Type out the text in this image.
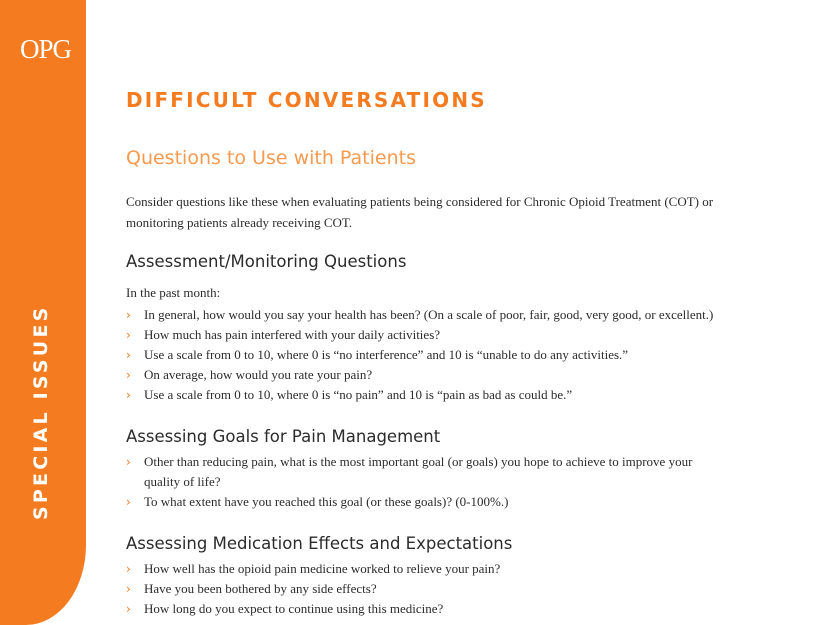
OPG
SPECIAL ISSUES
DIFFICULT CONVERSATIONS
Questions to Use with Patients

Consider questions like these when evaluating patients being considered for Chronic Opioid Treatment (COT) or monitoring patients already receiving COT.

Assessment/Monitoring Questions

In the past month:

› In general, how would you say your health has been? (On a scale of poor, fair, good, very good, or excellent.)
› How much has pain interfered with your daily activities?
› Use a scale from 0 to 10, where 0 is “no interference” and 10 is “unable to do any activities.”
› On average, how would you rate your pain?
› Use a scale from 0 to 10, where 0 is “no pain” and 10 is “pain as bad as could be.”
Assessing Goals for Pain Management
› Other than reducing pain, what is the most important goal (or goals) you hope to achieve to improve your quality of life?
› To what extent have you reached this goal (or these goals)? (0-100%.)
Assessing Medication Effects and Expectations
› How well has the opioid pain medicine worked to relieve your pain?
› Have you been bothered by any side effects?
› How long do you expect to continue using this medicine?
